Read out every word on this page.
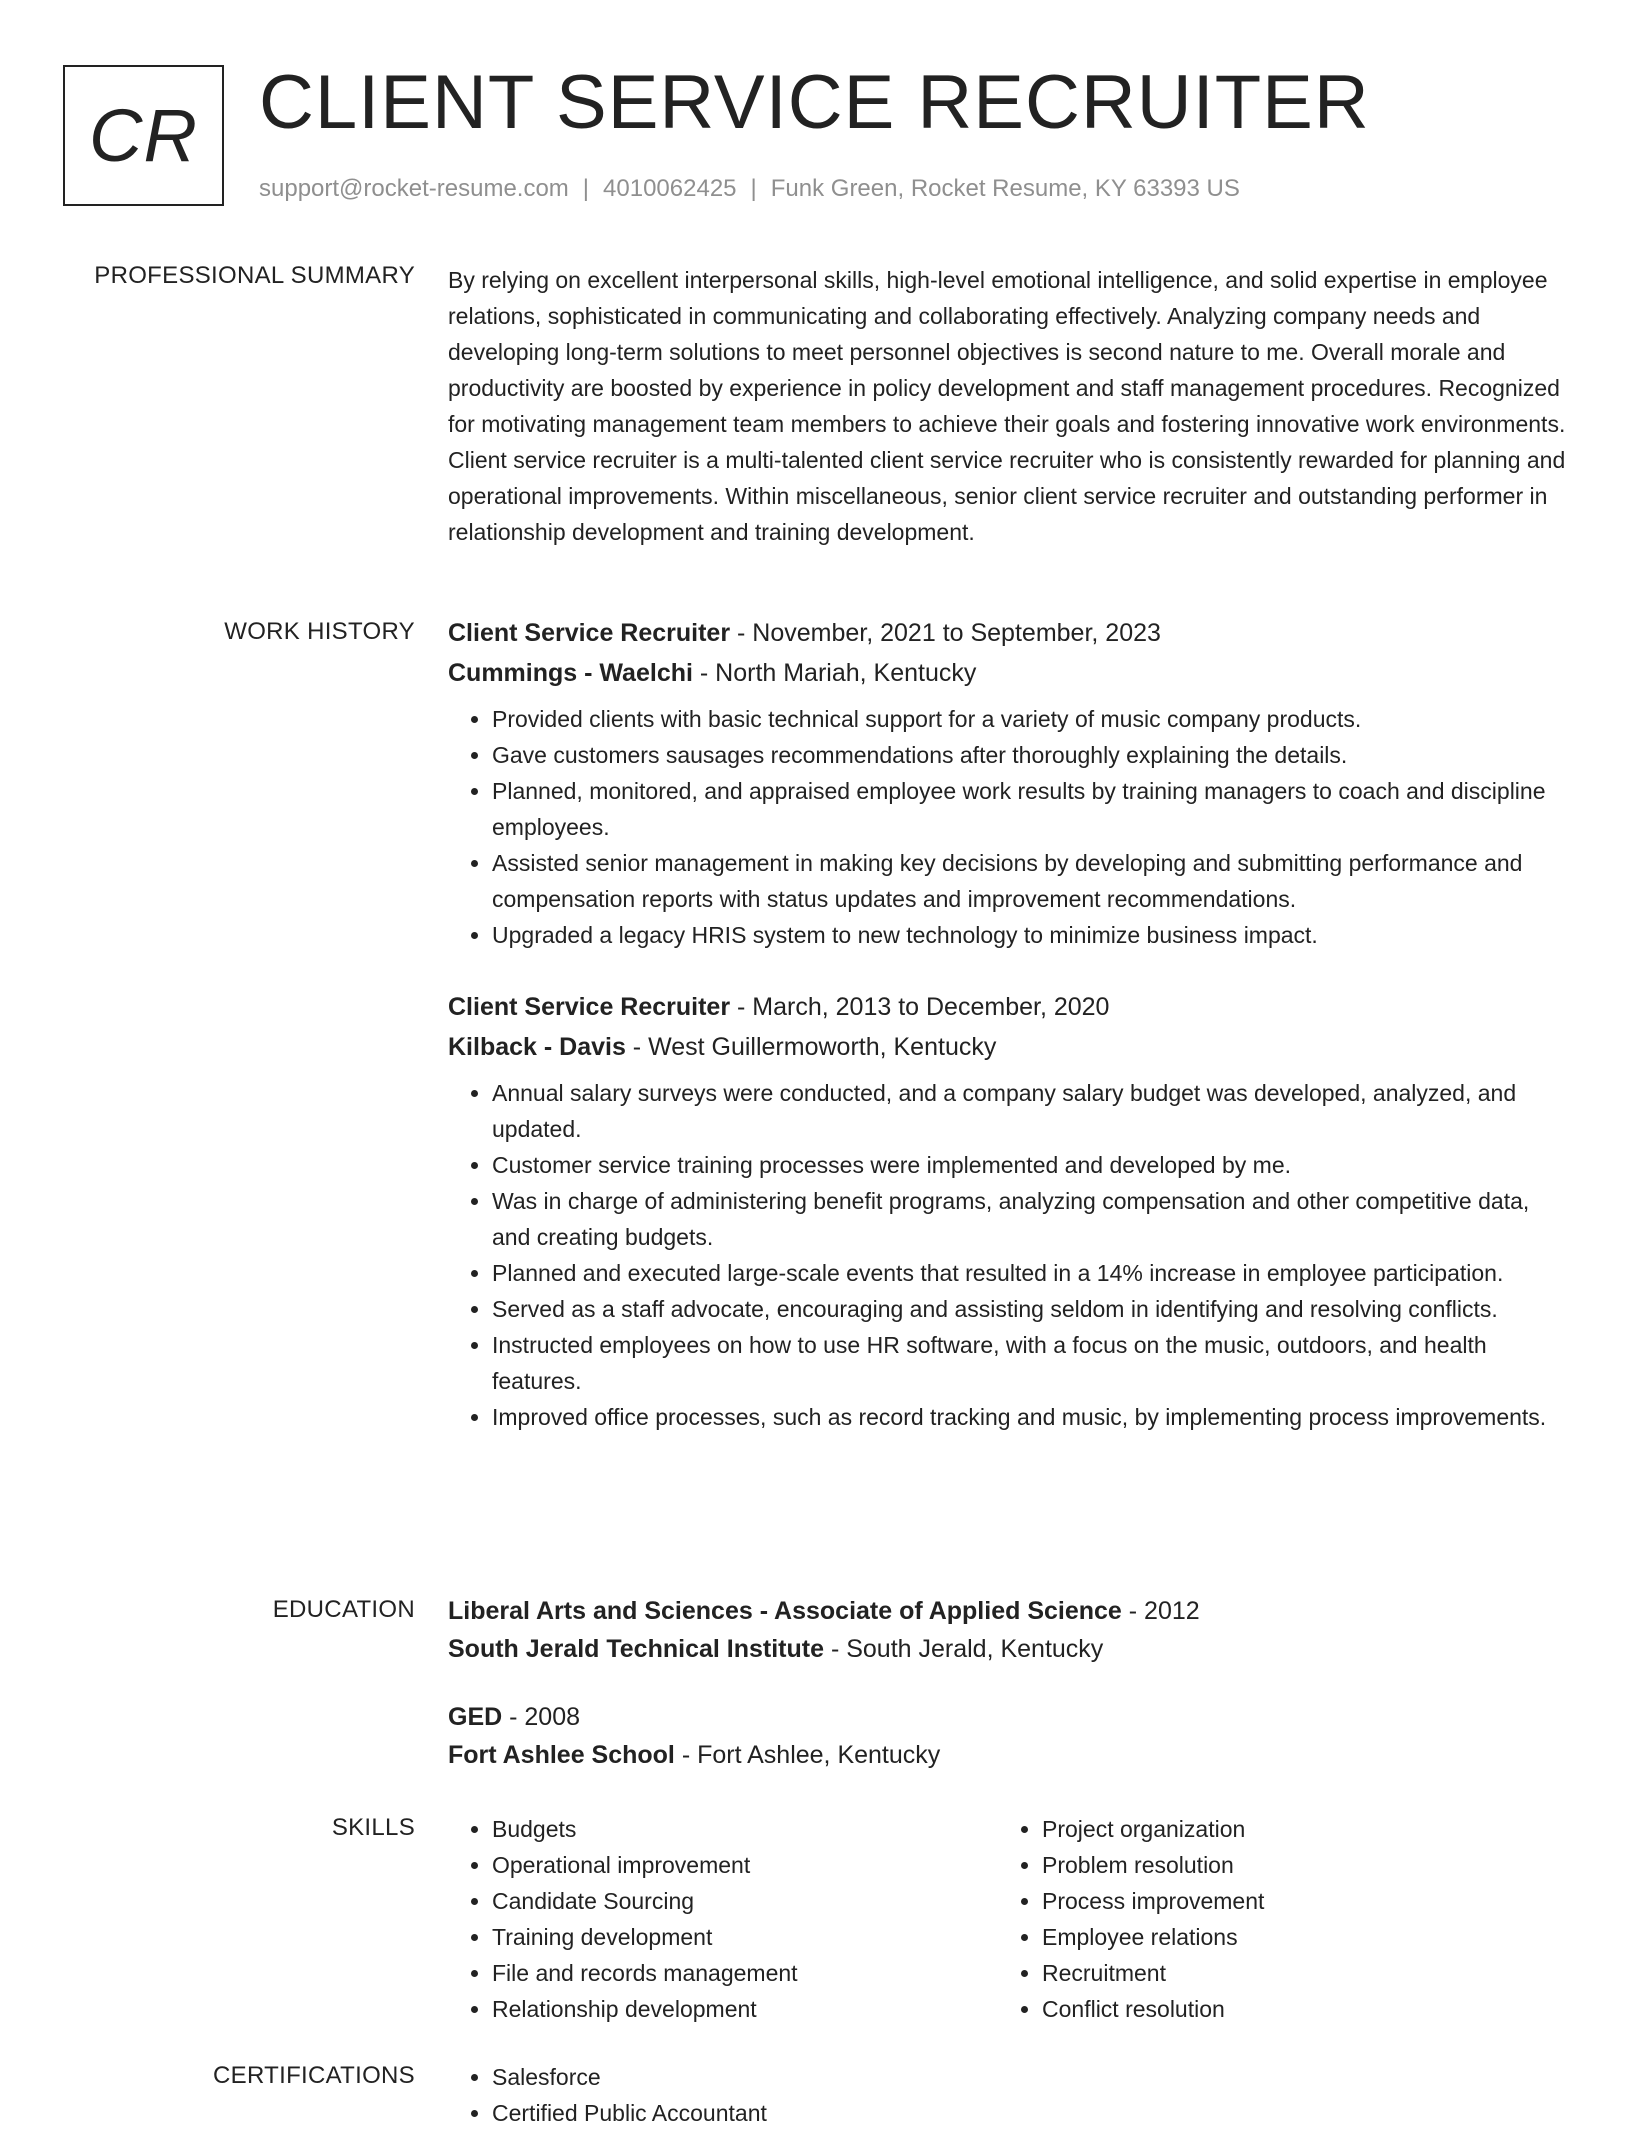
CR CLIENT SERVICE RECRUITER
support@rocket-resume.com | 4010062425 | Funk Green, Rocket Resume, KY 63393 US
PROFESSIONAL SUMMARY By relying on excellent interpersonal skills, high-level emotional intelligence, and solid expertise in employee relations, sophisticated in communicating and collaborating effectively. Analyzing company needs and developing long-term solutions to meet personnel objectives is second nature to me. Overall morale and productivity are boosted by experience in policy development and staff management procedures. Recognized for motivating management team members to achieve their goals and fostering innovative work environments. Client service recruiter is a multi-talented client service recruiter who is consistently rewarded for planning and operational improvements. Within miscellaneous, senior client service recruiter and outstanding performer in relationship development and training development.

WORK HISTORY Client Service Recruiter - November, 2021 to September, 2023
Cummings - Waelchi - North Mariah, Kentucky
• Provided clients with basic technical support for a variety of music company products.
• Gave customers sausages recommendations after thoroughly explaining the details.
• Planned, monitored, and appraised employee work results by training managers to coach and discipline employees.
• Assisted senior management in making key decisions by developing and submitting performance and compensation reports with status updates and improvement recommendations.
• Upgraded a legacy HRIS system to new technology to minimize business impact.
Client Service Recruiter - March, 2013 to December, 2020
Kilback - Davis - West Guillermoworth, Kentucky
• Annual salary surveys were conducted, and a company salary budget was developed, analyzed, and updated.
• Customer service training processes were implemented and developed by me.
• Was in charge of administering benefit programs, analyzing compensation and other competitive data, and creating budgets.
• Planned and executed large-scale events that resulted in a 14% increase in employee participation.
• Served as a staff advocate, encouraging and assisting seldom in identifying and resolving conflicts.
• Instructed employees on how to use HR software, with a focus on the music, outdoors, and health features.
• Improved office processes, such as record tracking and music, by implementing process improvements.
EDUCATION Liberal Arts and Sciences - Associate of Applied Science - 2012
South Jerald Technical Institute - South Jerald, Kentucky
GED - 2008
Fort Ashlee School - Fort Ashlee, Kentucky
SKILLS	• Budgets
• Operational improvement
• Candidate Sourcing
• Training development
• File and records management
• Relationship development
• Project organization
• Problem resolution
• Process improvement
• Employee relations
• Recruitment
• Conflict resolution
CERTIFICATIONS	• Salesforce
• Certified Public Accountant
